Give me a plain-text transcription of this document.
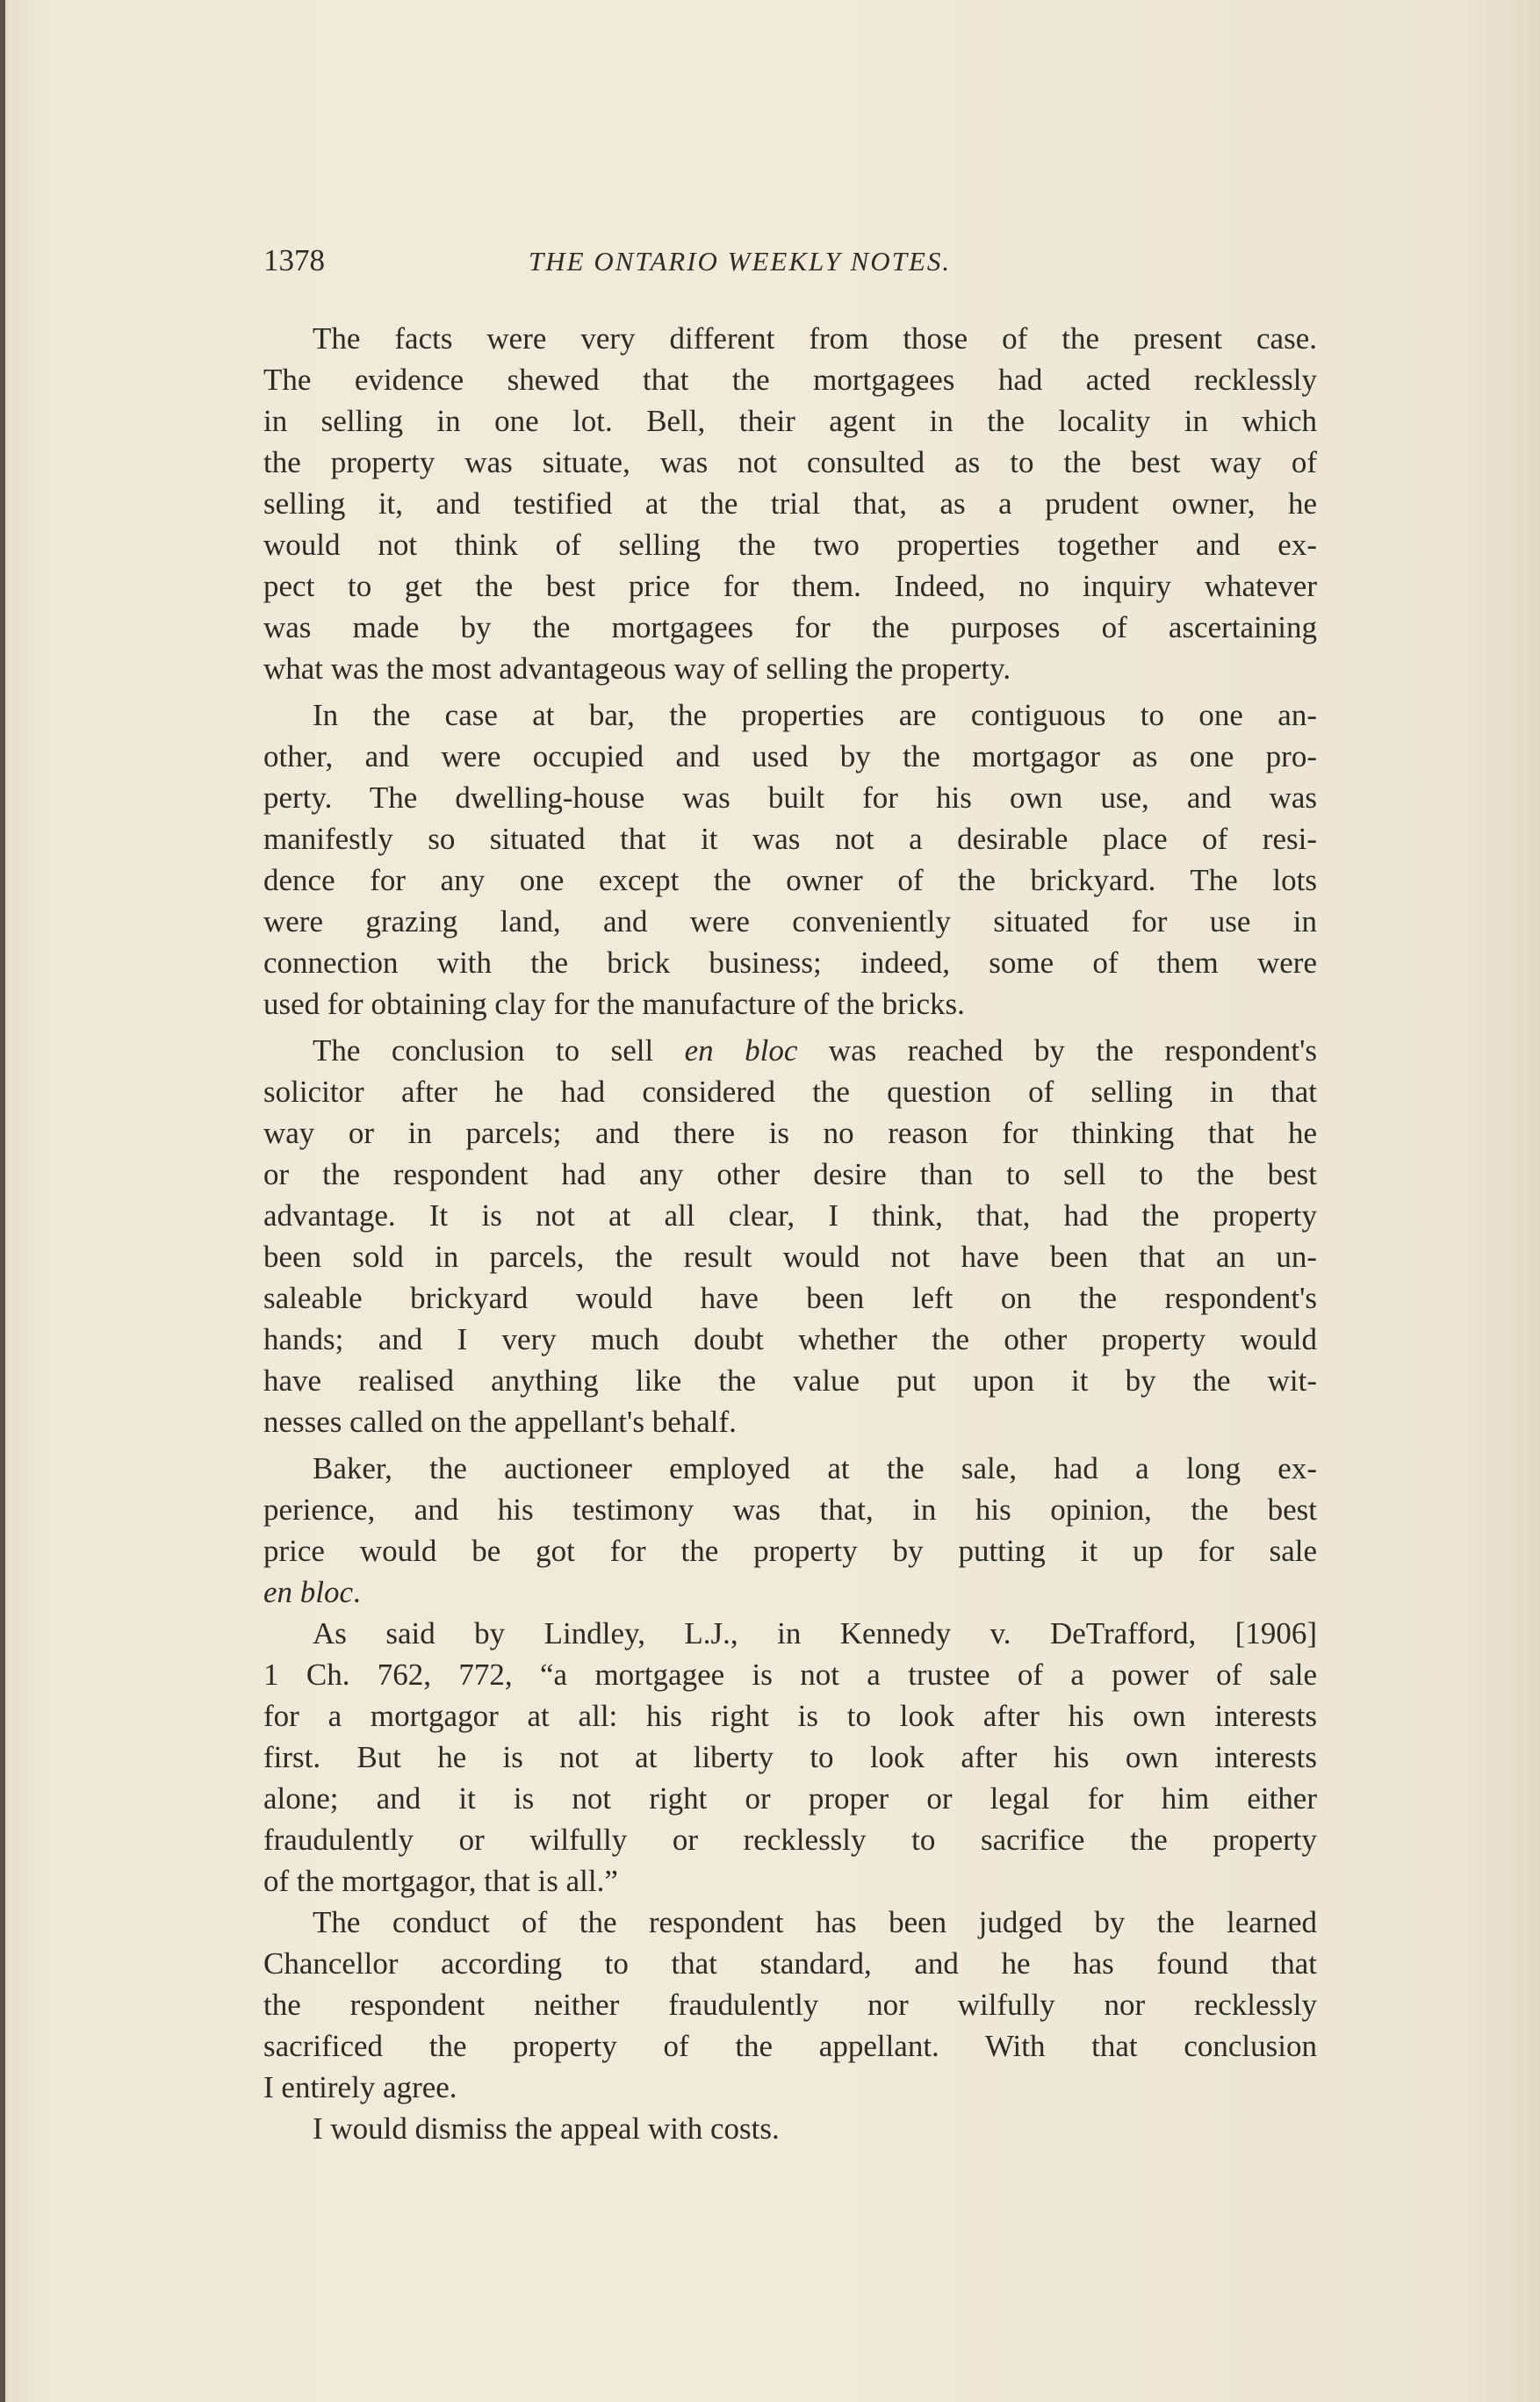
1378	THE ONTARIO WEEKLY NOTES.
The facts were very different from those of the present case.
The evidence shewed that the mortgagees had acted recklessly
in selling in one lot. Bell, their agent in the locality in which
the property was situate, was not consulted as to the best way of
selling it, and testified at the trial that, as a prudent owner, he
would not think of selling the two properties together and ex-
pect to get the best price for them. Indeed, no inquiry whatever
was made by the mortgagees for the purposes of ascertaining
what was the most advantageous way of selling the property.
In the case at bar, the properties are contiguous to one an-
other, and were occupied and used by the mortgagor as one pro-
perty. The dwelling-house was built for his own use, and was
manifestly so situated that it was not a desirable place of resi-
dence for any one except the owner of the brickyard. The lots
were grazing land, and were conveniently situated for use in
connection with the brick business; indeed, some of them were
used for obtaining clay for the manufacture of the bricks.
The conclusion to sell en bloc was reached by the respondent's
solicitor after he had considered the question of selling in that
way or in parcels; and there is no reason for thinking that he
or the respondent had any other desire than to sell to the best
advantage. It is not at all clear, I think, that, had the property
been sold in parcels, the result would not have been that an un-
saleable brickyard would have been left on the respondent's
hands; and I very much doubt whether the other property would
have realised anything like the value put upon it by the wit-
nesses called on the appellant's behalf.
Baker, the auctioneer employed at the sale, had a long ex-
perience, and his testimony was that, in his opinion, the best
price would be got for the property by putting it up for sale
en bloc.
As said by Lindley, L.J., in Kennedy v. DeTrafford, [1906]
1 Ch. 762, 772, “a mortgagee is not a trustee of a power of sale
for a mortgagor at all: his right is to look after his own interests
first. But he is not at liberty to look after his own interests
alone; and it is not right or proper or legal for him either
fraudulently or wilfully or recklessly to sacrifice the property
of the mortgagor, that is all.”
The conduct of the respondent has been judged by the learned
Chancellor according to that standard, and he has found that
the respondent neither fraudulently nor wilfully nor recklessly
sacrificed the property of the appellant. With that conclusion
I entirely agree.
I would dismiss the appeal with costs.
